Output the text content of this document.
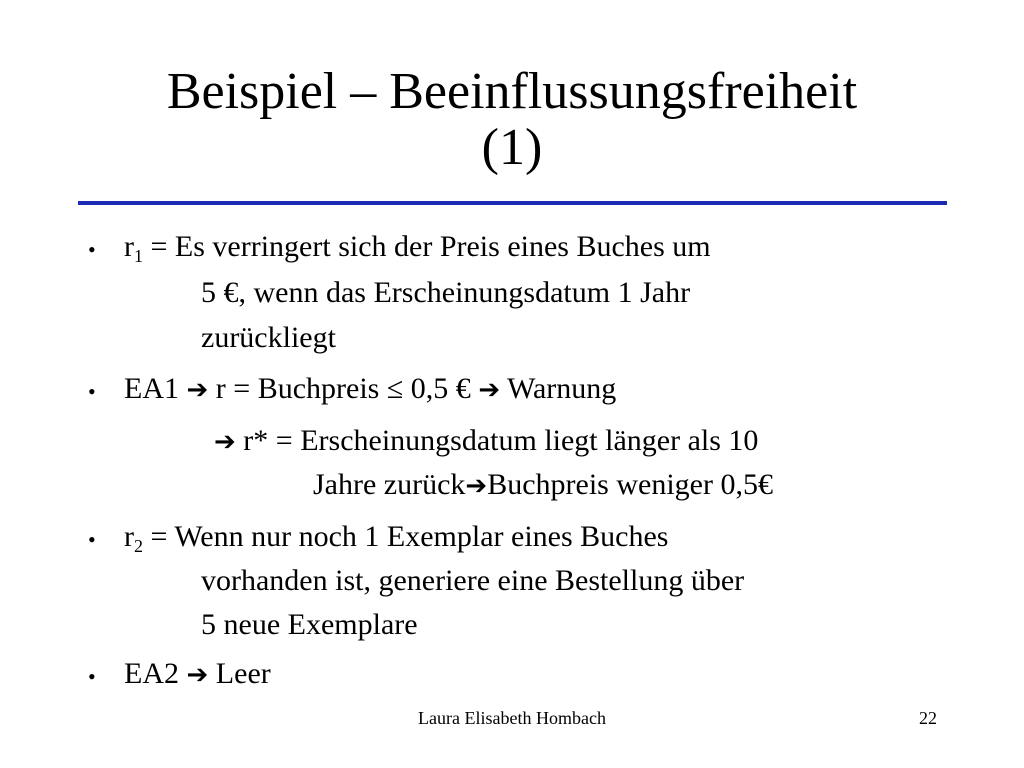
Beispiel – Beeinflussungsfreiheit
(1)
• $r_1 = Es$ verringert sich der Preis eines Buches um
5 €, wenn das Erscheinungsdatum 1 Jahr
zurückliegt
• EA1 ➔ r = Buchpreis ≤ 0,5 € ➔ Warnung
➔ r* = Erscheinungsdatum liegt länger als 10
Jahre zurück➔Buchpreis weniger 0,5€
• $r_2$ = Wenn nur noch 1 Exemplar eines Buches
vorhanden ist, generiere eine Bestellung über
5 neue Exemplare
• EA2 ➔ Leer
Laura Elisabeth Hombach	22
